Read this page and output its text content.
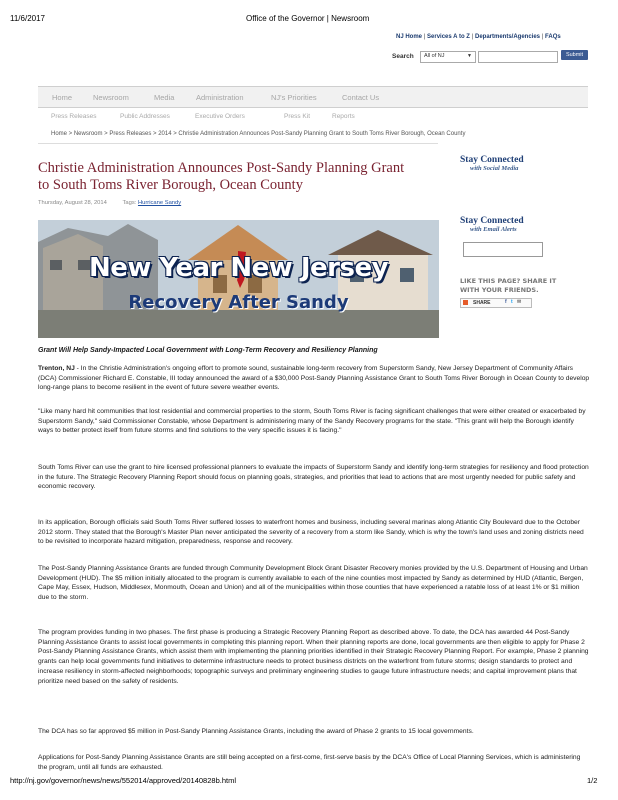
11/6/2017	Office of the Governor | Newsroom
NJ Home | Services A to Z | Departments/Agencies | FAQs
Search All of NJ	▼	Submit
Home	Newsroom	Media	Administration	NJ's Priorities	Contact Us
Press Releases	Public Addresses	Executive Orders	Press Kit	Reports
Home > Newsroom > Press Releases > 2014 > Christie Administration Announces Post-Sandy Planning Grant to South Toms River Borough, Ocean County
Christie Administration Announces Post-Sandy Planning Grant
to South Toms River Borough, Ocean County
Thursday, August 28, 2014	Tags: Hurricane Sandy
New Year New Jersey
Recovery After Sandy
Grant Will Help Sandy-Impacted Local Government with Long-Term Recovery and Resiliency Planning
Trenton, NJ - In the Christie Administration's ongoing effort to promote sound, sustainable long-term recovery from Superstorm Sandy, New Jersey Department of Community Affairs (DCA) Commissioner Richard E. Constable, III today announced the award of a $30,000 Post-Sandy Planning Assistance Grant to South Toms River Borough in Ocean County to develop long-range plans to become resilient in the event of future severe weather events.
"Like many hard hit communities that lost residential and commercial properties to the storm, South Toms River is facing significant challenges that were either created or exacerbated by Superstorm Sandy," said Commissioner Constable, whose Department is administering many of the Sandy Recovery programs for the state. "This grant will help the Borough identify ways to better protect itself from future storms and find solutions to the very specific issues it is facing."
South Toms River can use the grant to hire licensed professional planners to evaluate the impacts of Superstorm Sandy and identify long-term strategies for resiliency and flood protection in the future. The Strategic Recovery Planning Report should focus on planning goals, strategies, and priorities that lead to actions that are most urgently needed for public safety and economic recovery.
In its application, Borough officials said South Toms River suffered losses to waterfront homes and business, including several marinas along Atlantic City Boulevard due to the October 2012 storm. They stated that the Borough's Master Plan never anticipated the severity of a recovery from a storm like Sandy, which is why the town's land uses and zoning districts need to be revisited to incorporate hazard mitigation, preparedness, response and recovery.
The Post-Sandy Planning Assistance Grants are funded through Community Development Block Grant Disaster Recovery monies provided by the U.S. Department of Housing and Urban Development (HUD). The $5 million initially allocated to the program is currently available to each of the nine counties most impacted by Sandy as determined by HUD (Atlantic, Bergen, Cape May, Essex, Hudson, Middlesex, Monmouth, Ocean and Union) and all of the municipalities within those counties that have experienced a ratable loss of at least 1% or $1 million due to the storm.
The program provides funding in two phases. The first phase is producing a Strategic Recovery Planning Report as described above. To date, the DCA has awarded 44 Post-Sandy Planning Assistance Grants to assist local governments in completing this planning report. When their planning reports are done, local governments are then eligible to apply for Phase 2 Post-Sandy Planning Assistance Grants, which assist them with implementing the planning priorities identified in their Strategic Recovery Planning Report. For example, Phase 2 planning grants can help local governments fund initiatives to determine infrastructure needs to protect business districts on the waterfront from future storms; design standards to protect and increase resiliency in storm-affected neighborhoods; topographic surveys and preliminary engineering studies to gauge future infrastructure needs; and capital improvement plans that prioritize need based on the safety of residents.
The DCA has so far approved $5 million in Post-Sandy Planning Assistance Grants, including the award of Phase 2 grants to 15 local governments.
Applications for Post-Sandy Planning Assistance Grants are still being accepted on a first-come, first-serve basis by the DCA's Office of Local Planning Services, which is administering the program, until all funds are exhausted.
Stay Connected
with Social Media
Stay Connected
with Email Alerts
LIKE THIS PAGE? SHARE IT
WITH YOUR FRIENDS.
SHARE	f t ✉
http://nj.gov/governor/news/news/552014/approved/20140828b.html	1/2
